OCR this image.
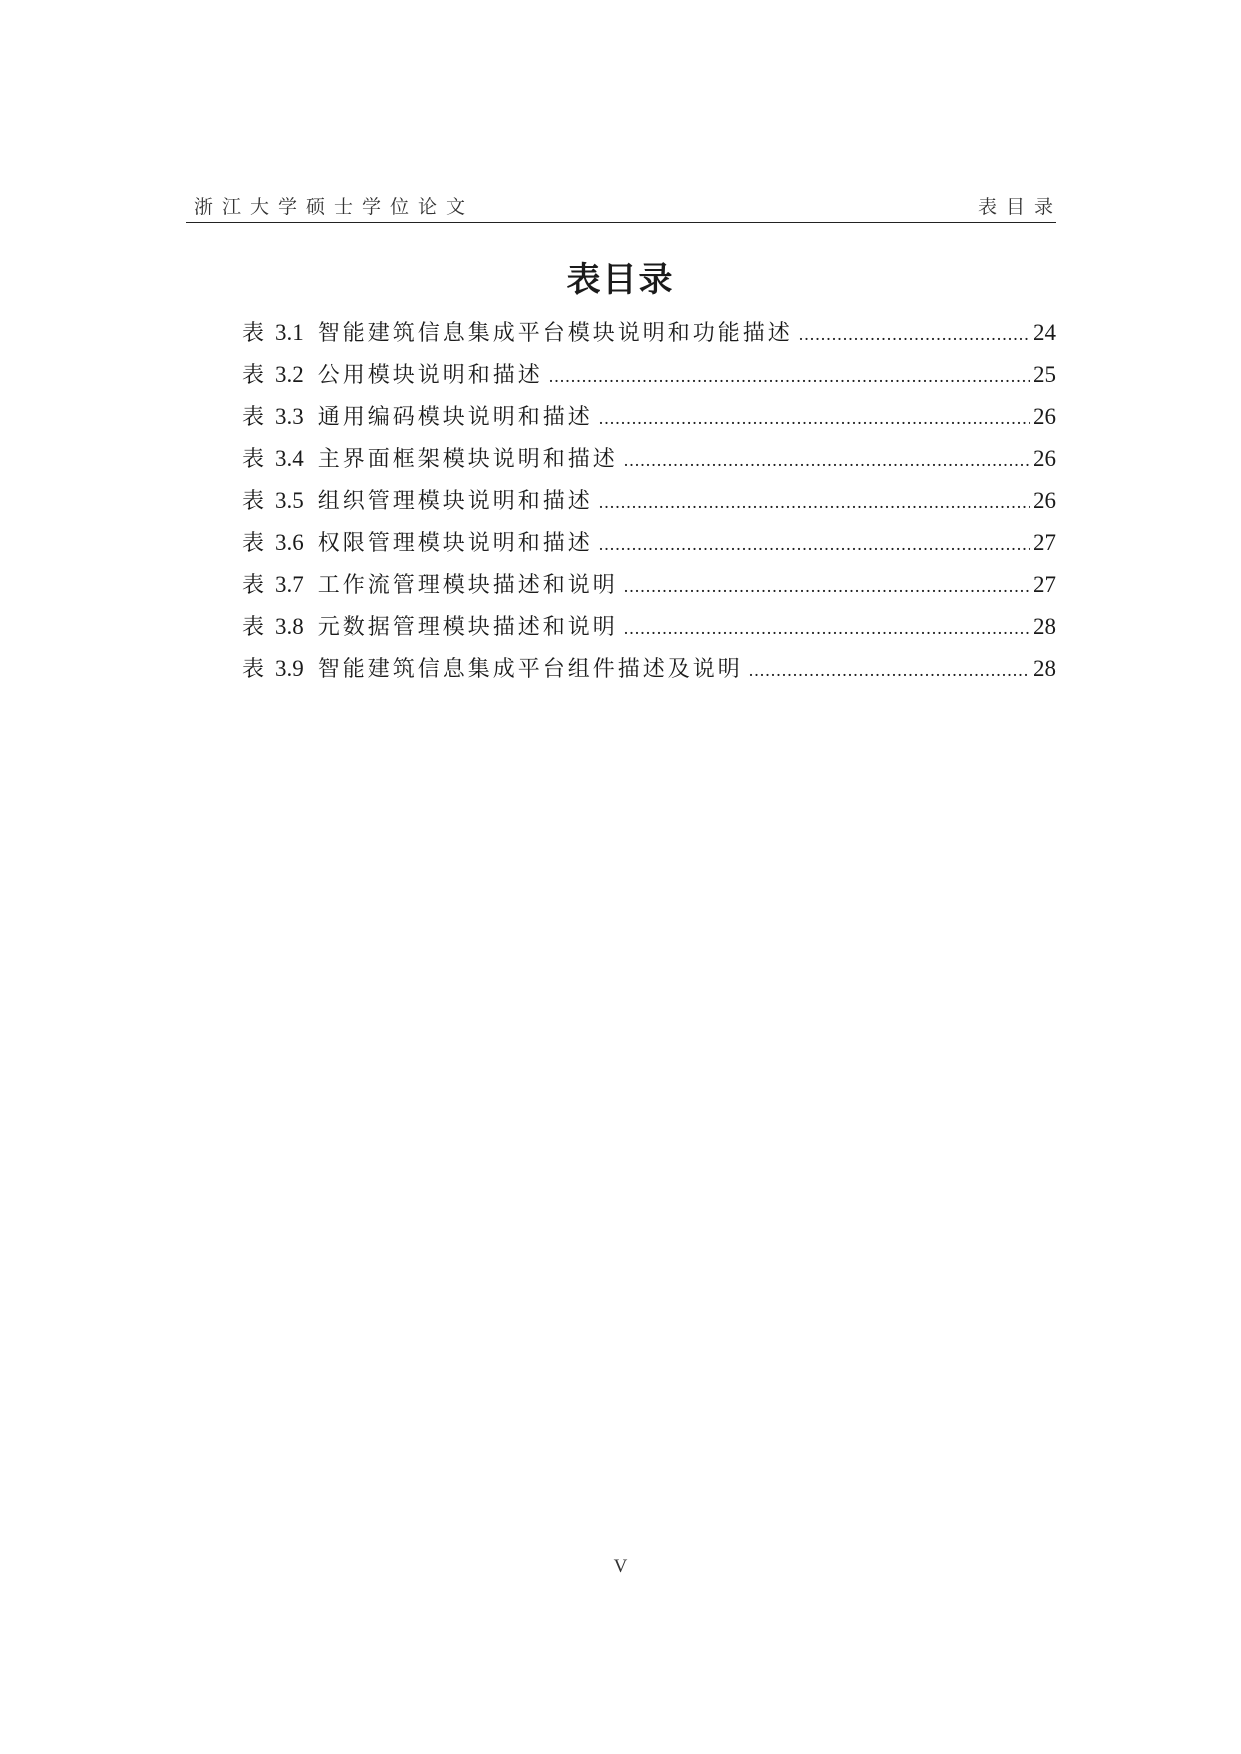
浙江大学硕士学位论文	表目录
表目录
表 3.1 智能建筑信息集成平台模块说明和功能描述 .....	24
表 3.2 公用模块说明和描述 .....	25
表 3.3 通用编码模块说明和描述 .....	26
表 3.4 主界面框架模块说明和描述 .....	26
表 3.5 组织管理模块说明和描述 .....	26
表 3.6 权限管理模块说明和描述 .....	27
表 3.7 工作流管理模块描述和说明 .....	27
表 3.8 元数据管理模块描述和说明 .....	28
表 3.9 智能建筑信息集成平台组件描述及说明 .....	28
V
